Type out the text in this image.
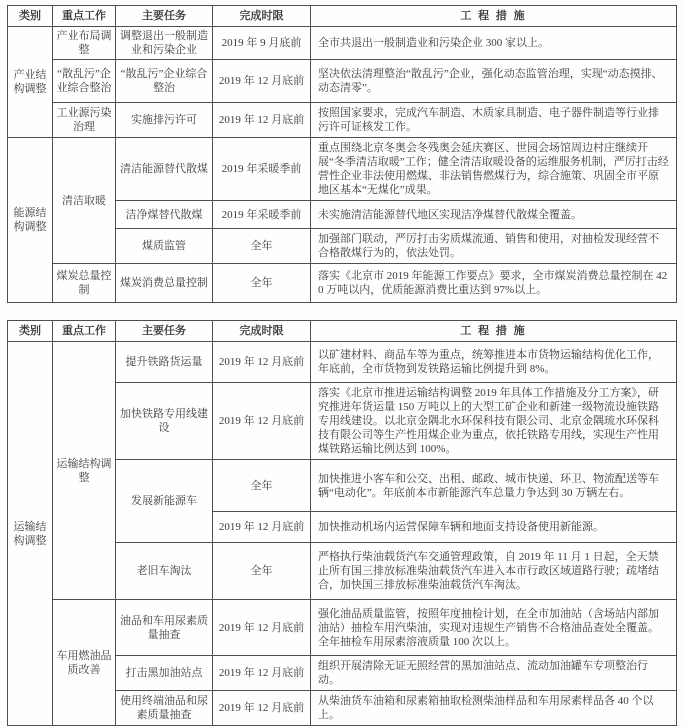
类别	重点工作	主要任务	完成时限	工 程 措 施
产业结构调整	产业布局调整	调整退出一般制造业和污染企业	2019 年 9 月底前	全市共退出一般制造业和污染企业 300 家以上。
	“散乱污”企业综合整治	“散乱污”企业综合整治	2019 年 12 月底前	坚决依法清理整治“散乱污”企业，强化动态监管治理，实现“动态摸排、动态清零”。
	工业源污染治理	实施排污许可	2019 年 12 月底前	按照国家要求，完成汽车制造、木质家具制造、电子器件制造等行业排污许可证核发工作。
能源结构调整	清洁取暖	清洁能源替代散煤	2019 年采暖季前	重点围绕北京冬奥会冬残奥会延庆赛区、世园会场馆周边村庄继续开展“冬季清洁取暖”工作；健全清洁取暖设备的运维服务机制，严厉打击经营性企业非法使用燃煤、非法销售燃煤行为，综合施策、巩固全市平原地区基本“无煤化”成果。
		洁净煤替代散煤	2019 年采暖季前	未实施清洁能源替代地区实现洁净煤替代散煤全覆盖。
		煤质监管	全年	加强部门联动，严厉打击劣质煤流通、销售和使用，对抽检发现经营不合格散煤行为的，依法处罚。
	煤炭总量控制	煤炭消费总量控制	全年	落实《北京市 2019 年能源工作要点》要求，全市煤炭消费总量控制在 420 万吨以内，优质能源消费比重达到 97%以上。
类别	重点工作	主要任务	完成时限	工 程 措 施
运输结构调整	运输结构调整	提升铁路货运量	2019 年 12 月底前	以矿建材料、商品车等为重点，统筹推进本市货物运输结构优化工作，年底前，全市货物到发铁路运输比例提升到 8%。
		加快铁路专用线建设	2019 年 12 月底前	落实《北京市推进运输结构调整 2019 年具体工作措施及分工方案》，研究推进年货运量 150 万吨以上的大型工矿企业和新建一级物流设施铁路专用线建设。以北京金隅北水环保科技有限公司、北京金隅琉水环保科技有限公司等生产性用煤企业为重点，依托铁路专用线，实现生产性用煤铁路运输比例达到 100%。
		发展新能源车	全年	加快推进小客车和公交、出租、邮政、城市快递、环卫、物流配送等车辆“电动化”。年底前本市新能源汽车总量力争达到 30 万辆左右。
			2019 年 12 月底前	加快推动机场内运营保障车辆和地面支持设备使用新能源。
		老旧车淘汰	全年	严格执行柴油载货汽车交通管理政策，自 2019 年 11 月 1 日起，全天禁止所有国三排放标准柴油载货汽车进入本市行政区域道路行驶；疏堵结合，加快国三排放标准柴油载货汽车淘汰。
	车用燃油品质改善	油品和车用尿素质量抽查	2019 年 12 月底前	强化油品质量监管，按照年度抽检计划，在全市加油站（含场站内部加油站）抽检车用汽柴油，实现对违规生产销售不合格油品查处全覆盖。全年抽检车用尿素溶液质量 100 次以上。
		打击黑加油站点	2019 年 12 月底前	组织开展清除无证无照经营的黑加油站点、流动加油罐车专项整治行动。
		使用终端油品和尿素质量抽查	2019 年 12 月底前	从柴油货车油箱和尿素箱抽取检测柴油样品和车用尿素样品各 40 个以上。
